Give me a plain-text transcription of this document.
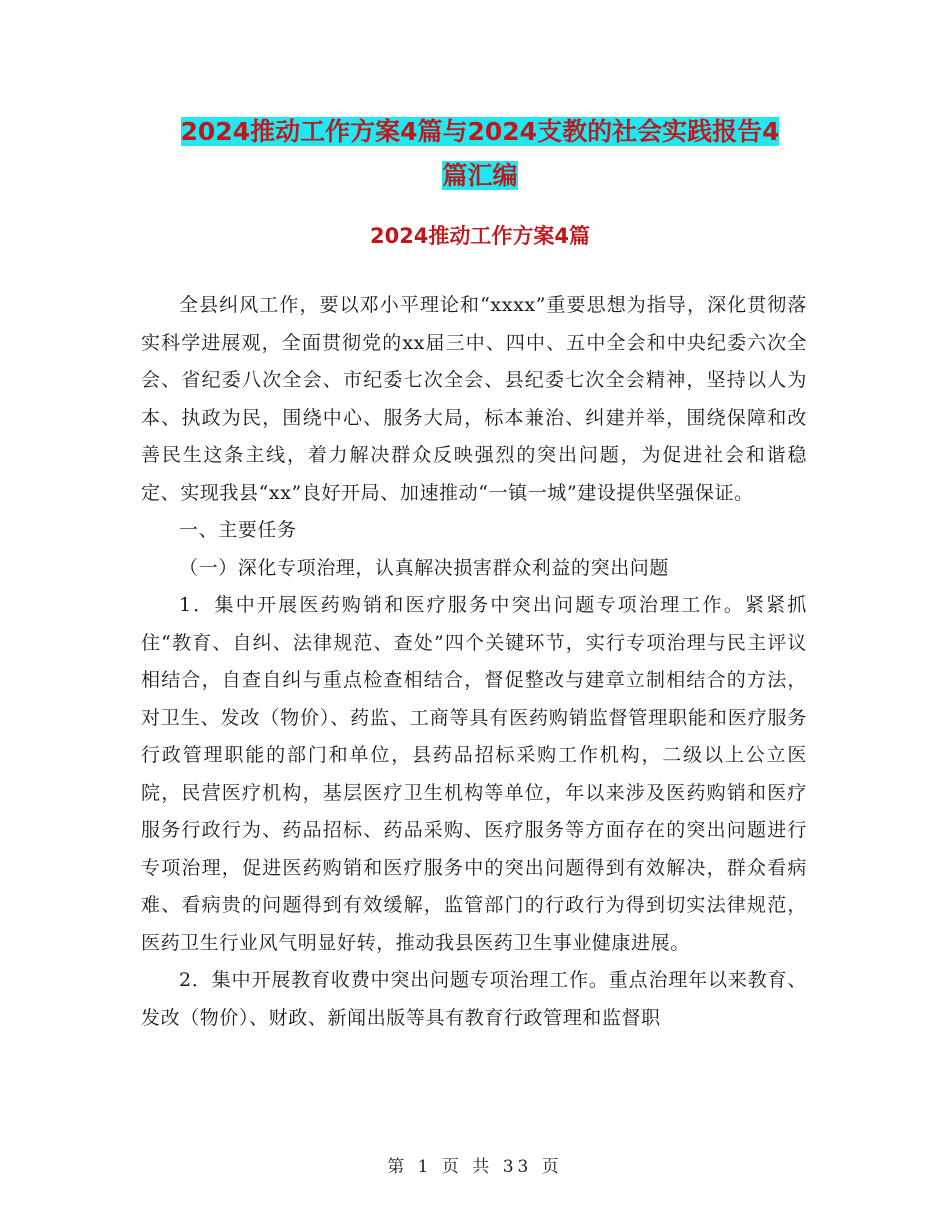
2024推动工作方案4篇与2024支教的社会实践报告4
篇汇编
2024推动工作方案4篇

全县纠风工作，要以邓小平理论和“xxxx”重要思想为指导，深化贯彻落实科学进展观，全面贯彻党的xx届三中、四中、五中全会和中央纪委六次全会、省纪委八次全会、市纪委七次全会、县纪委七次全会精神，坚持以人为本、执政为民，围绕中心、服务大局，标本兼治、纠建并举，围绕保障和改善民生这条主线，着力解决群众反映强烈的突出问题，为促进社会和谐稳定、实现我县“xx”良好开局、加速推动“一镇一城”建设提供坚强保证。

一、主要任务

（一）深化专项治理，认真解决损害群众利益的突出问题

1．集中开展医药购销和医疗服务中突出问题专项治理工作。紧紧抓住“教育、自纠、法律规范、查处”四个关键环节，实行专项治理与民主评议相结合，自查自纠与重点检查相结合，督促整改与建章立制相结合的方法，对卫生、发改（物价）、药监、工商等具有医药购销监督管理职能和医疗服务行政管理职能的部门和单位，县药品招标采购工作机构，二级以上公立医院，民营医疗机构，基层医疗卫生机构等单位，年以来涉及医药购销和医疗服务行政行为、药品招标、药品采购、医疗服务等方面存在的突出问题进行专项治理，促进医药购销和医疗服务中的突出问题得到有效解决，群众看病难、看病贵的问题得到有效缓解，监管部门的行政行为得到切实法律规范，医药卫生行业风气明显好转，推动我县医药卫生事业健康进展。

2．集中开展教育收费中突出问题专项治理工作。重点治理年以来教育、发改（物价）、财政、新闻出版等具有教育行政管理和监督职

第 1 页 共 33 页
